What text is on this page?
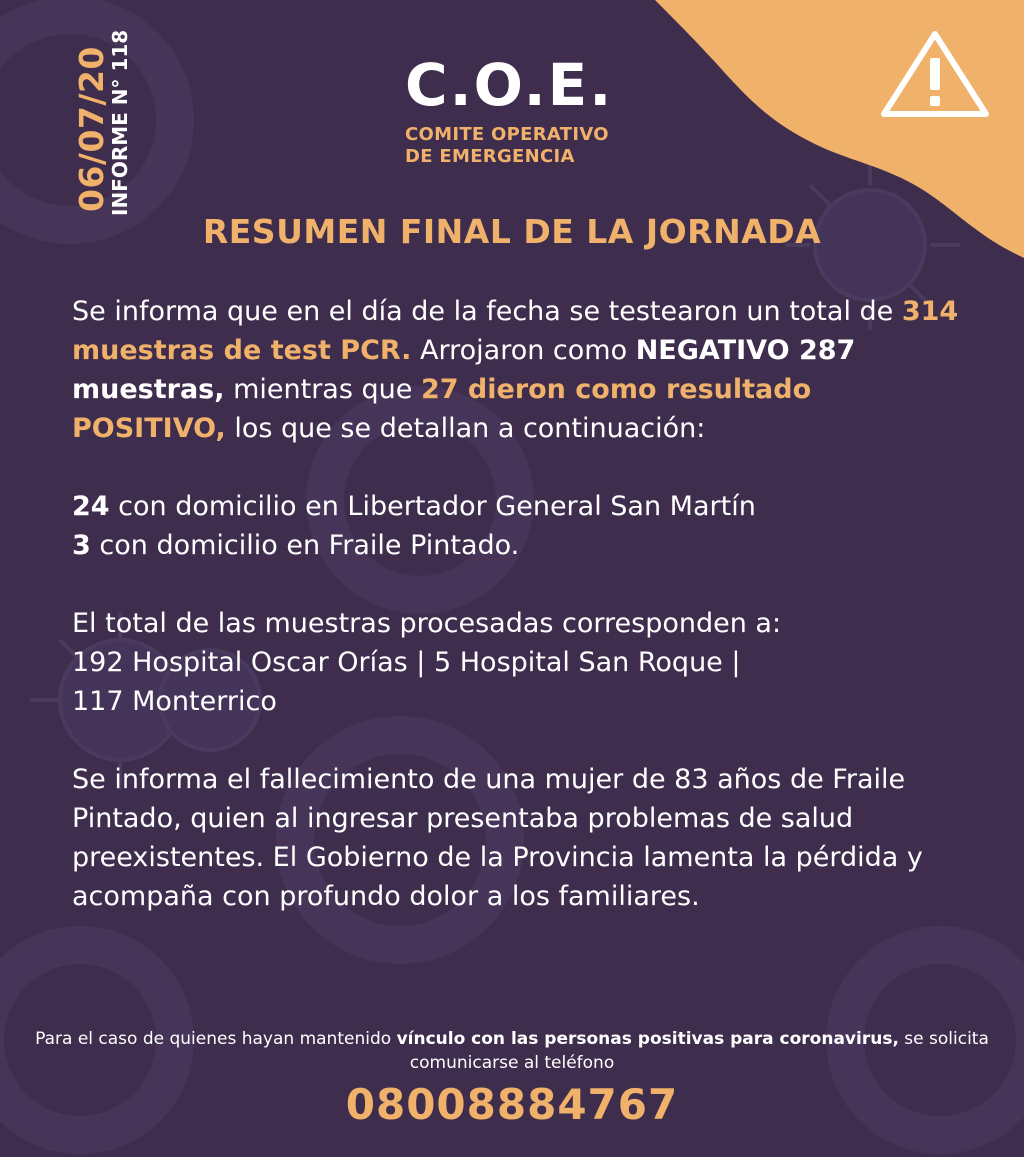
06/07/20
INFORME N° 118	C.O.E.
COMITE OPERATIVO
DE EMERGENCIA
RESUMEN FINAL DE LA JORNADA

Se informa que en el día de la fecha se testearon un total de 314 muestras de test PCR. Arrojaron como NEGATIVO 287 muestras, mientras que 27 dieron como resultado POSITIVO, los que se detallan a continuación:

24 con domicilio en Libertador General San Martín

3 con domicilio en Fraile Pintado.

El total de las muestras procesadas corresponden a:

192 Hospital Oscar Orías | 5 Hospital San Roque |

117 Monterrico

Se informa el fallecimiento de una mujer de 83 años de Fraile Pintado, quien al ingresar presentaba problemas de salud preexistentes. El Gobierno de la Provincia lamenta la pérdida y acompaña con profundo dolor a los familiares.

Para el caso de quienes hayan mantenido vínculo con las personas positivas para coronavirus, se solicita comunicarse al teléfono
08008884767
